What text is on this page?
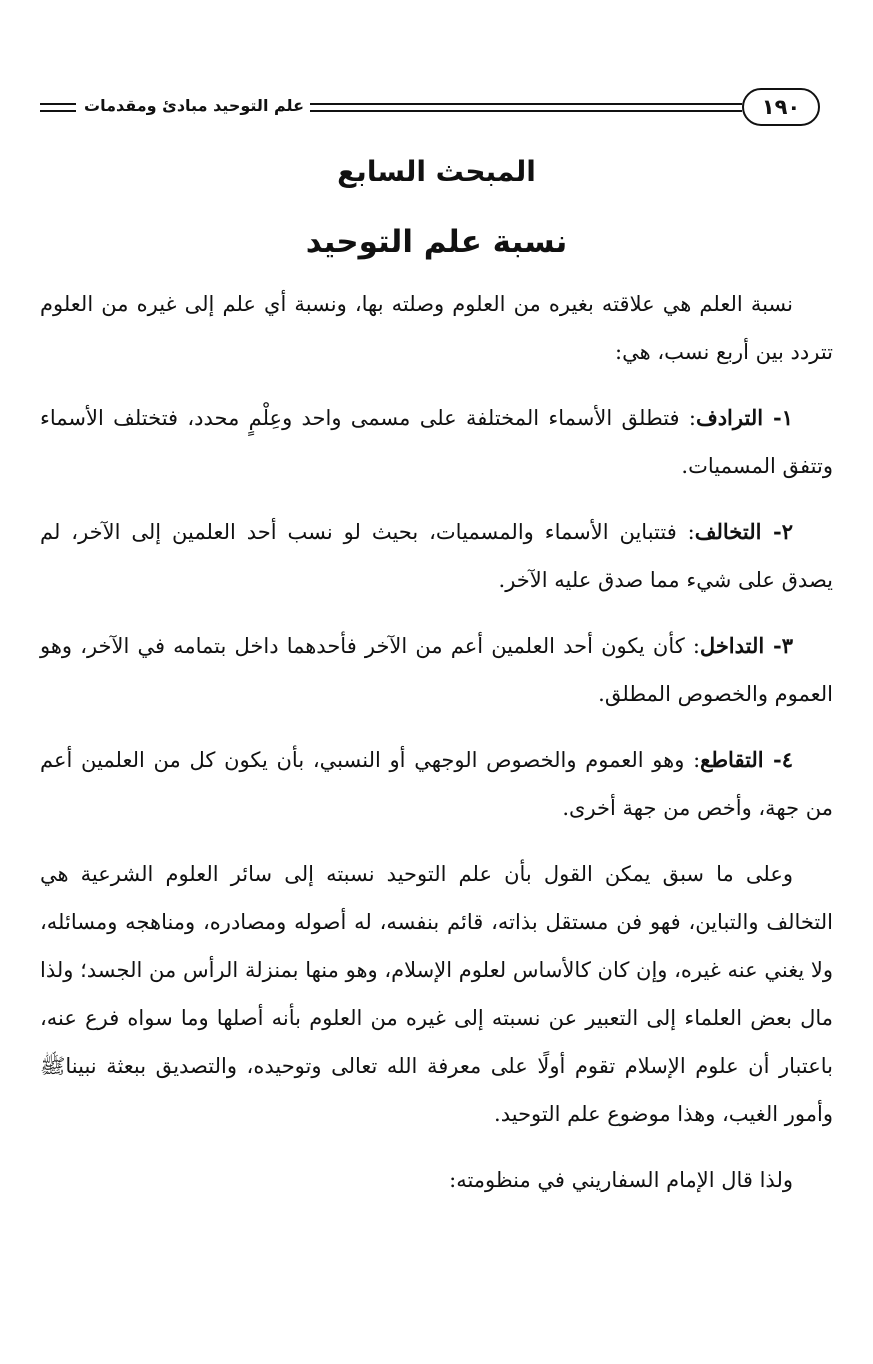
علم التوحيد مبادئ ومقدمات	١٩٠
المبحث السابع
نسبة علم التوحيد

نسبة العلم هي علاقته بغيره من العلوم وصلته بها، ونسبة أي علم إلى غيره من العلوم تتردد بين أربع نسب، هي:

١- الترادف: فتطلق الأسماء المختلفة على مسمى واحد وعِلْمٍ محدد، فتختلف الأسماء وتتفق المسميات.

٢- التخالف: فتتباين الأسماء والمسميات، بحيث لو نسب أحد العلمين إلى الآخر، لم يصدق على شيء مما صدق عليه الآخر.

٣- التداخل: كأن يكون أحد العلمين أعم من الآخر فأحدهما داخل بتمامه في الآخر، وهو العموم والخصوص المطلق.

٤- التقاطع: وهو العموم والخصوص الوجهي أو النسبي، بأن يكون كل من العلمين أعم من جهة، وأخص من جهة أخرى.

وعلى ما سبق يمكن القول بأن علم التوحيد نسبته إلى سائر العلوم الشرعية هي التخالف والتباين، فهو فن مستقل بذاته، قائم بنفسه، له أصوله ومصادره، ومناهجه ومسائله، ولا يغني عنه غيره، وإن كان كالأساس لعلوم الإسلام، وهو منها بمنزلة الرأس من الجسد؛ ولذا مال بعض العلماء إلى التعبير عن نسبته إلى غيره من العلوم بأنه أصلها وما سواه فرع عنه، باعتبار أن علوم الإسلام تقوم أولًا على معرفة الله تعالى وتوحيده، والتصديق ببعثة نبيناﷺ وأمور الغيب، وهذا موضوع علم التوحيد.

ولذا قال الإمام السفاريني في منظومته:
